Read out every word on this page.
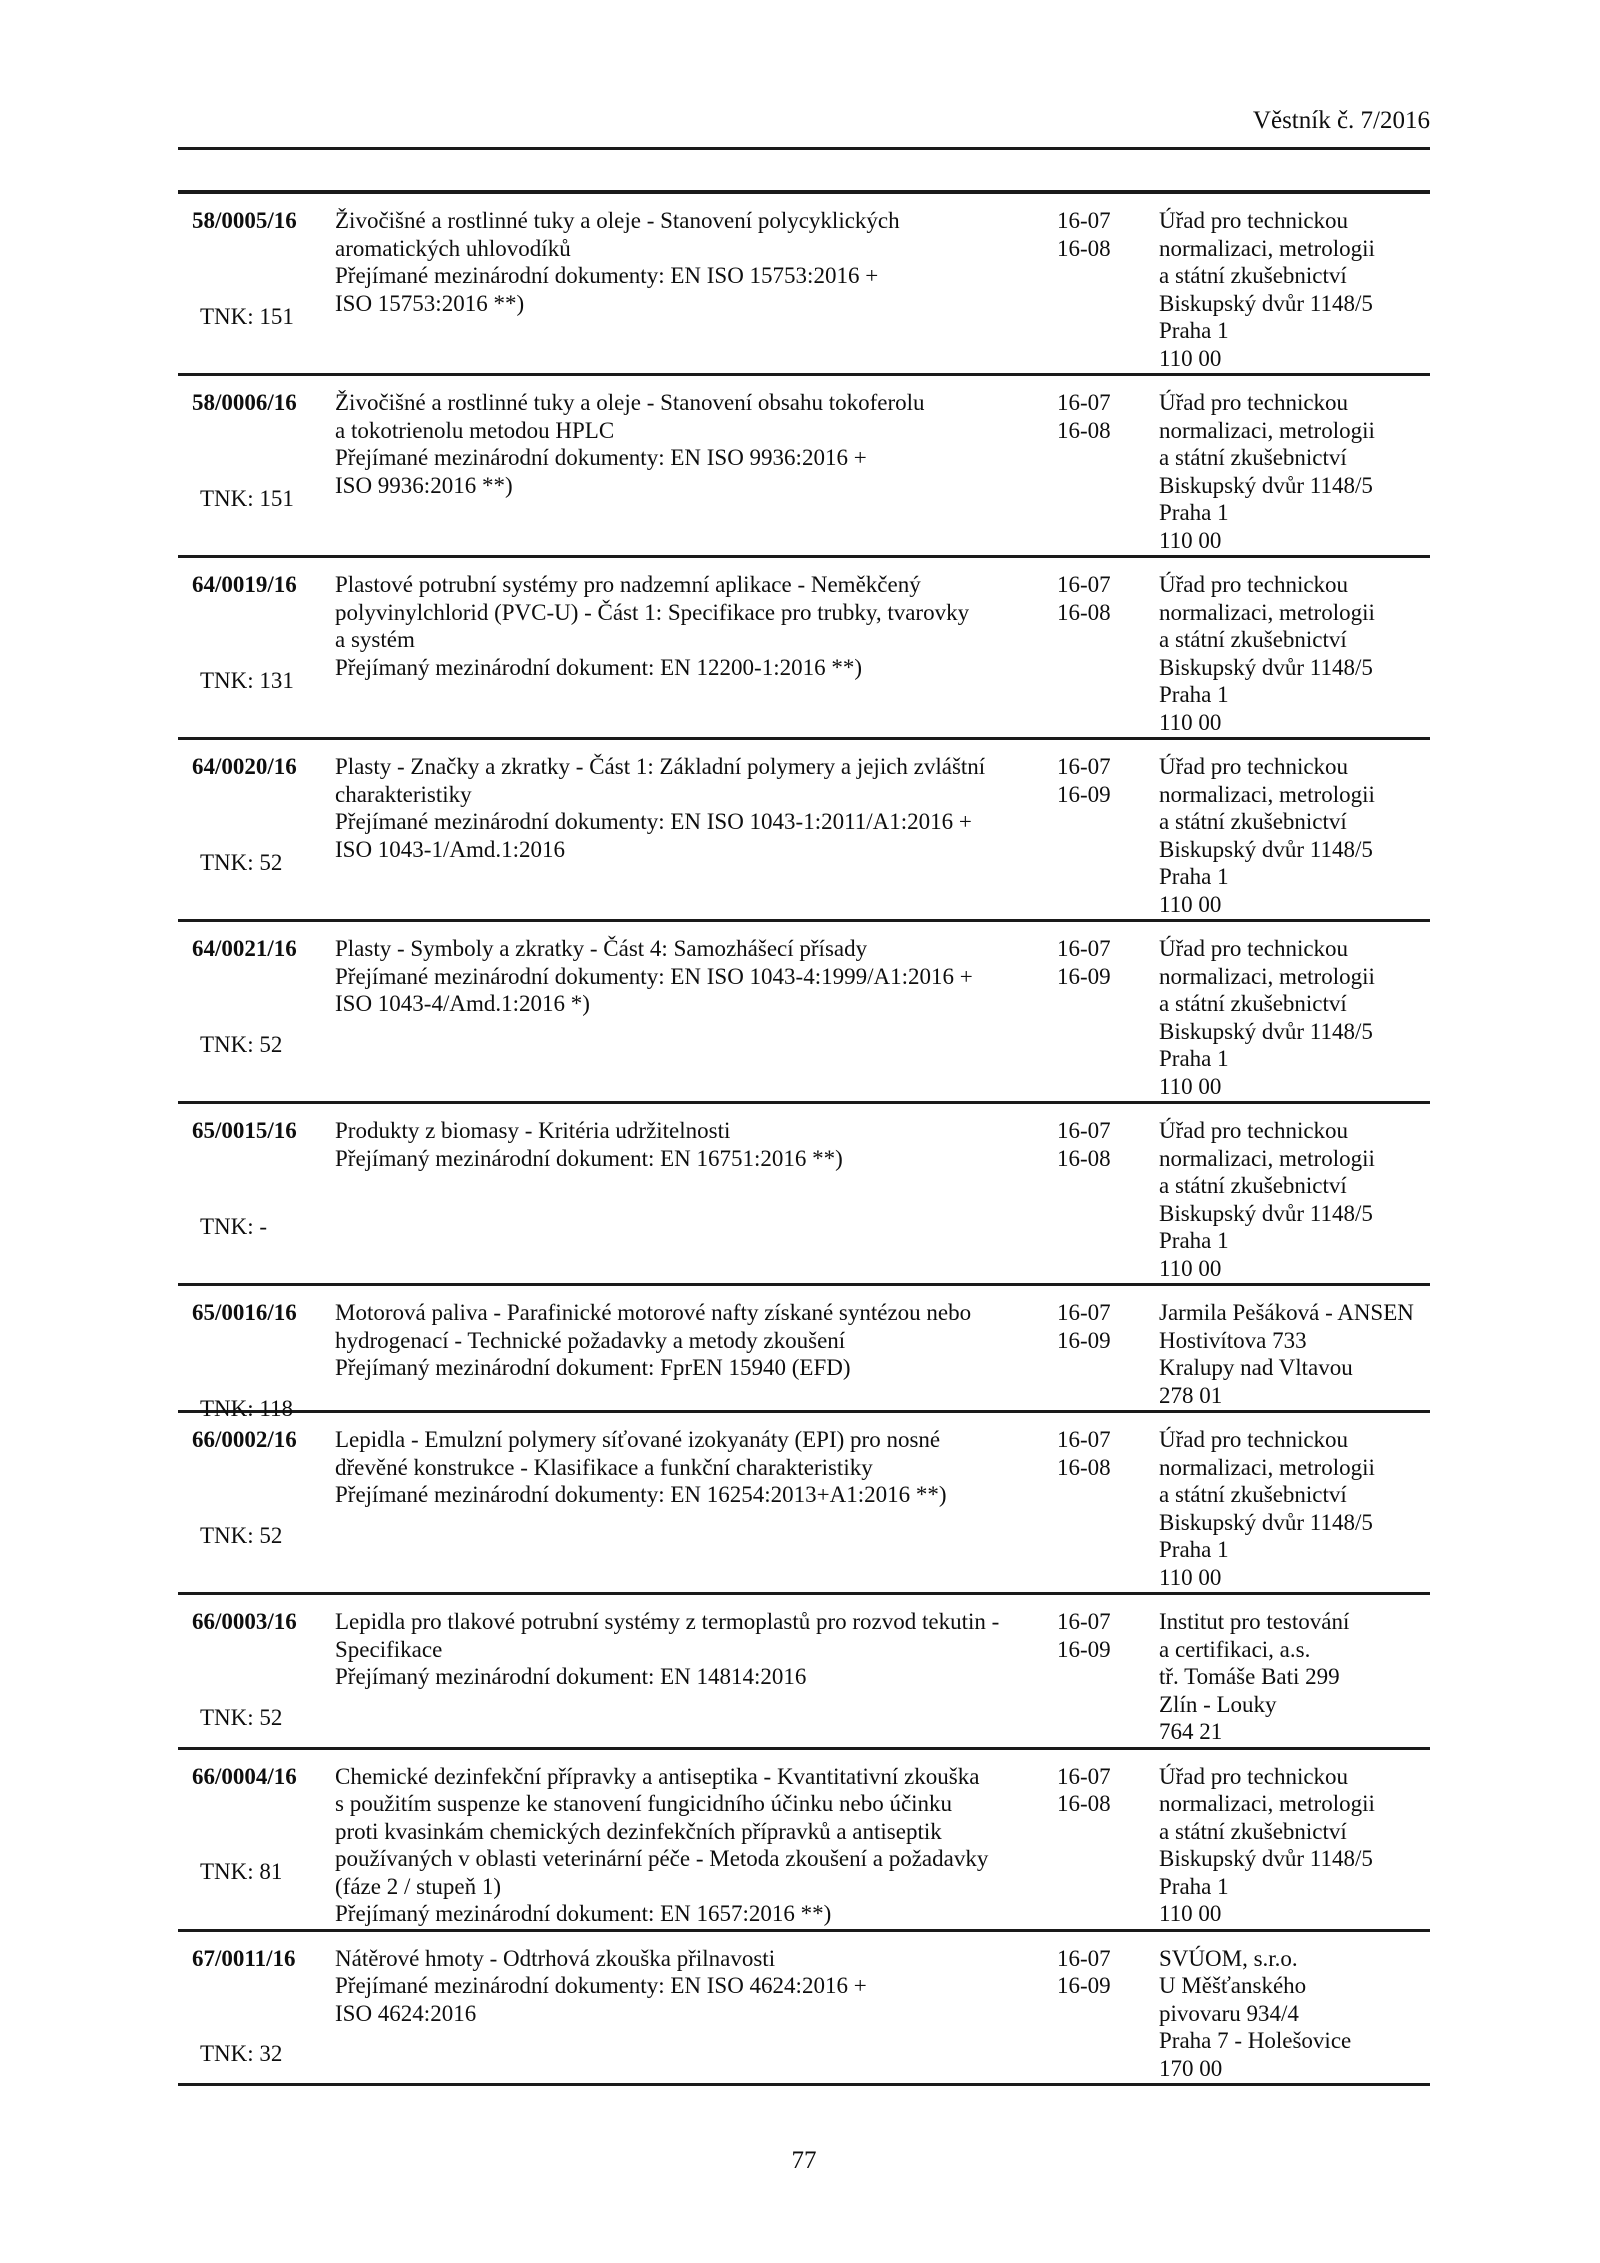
Věstník č. 7/2016
58/0005/16
TNK: 151
Živočišné a rostlinné tuky a oleje - Stanovení polycyklických
aromatických uhlovodíků
Přejímané mezinárodní dokumenty: EN ISO 15753:2016 +
ISO 15753:2016 **)
16-07
16-08
Úřad pro technickou
normalizaci, metrologii
a státní zkušebnictví
Biskupský dvůr 1148/5
Praha 1
110 00
58/0006/16
TNK: 151
Živočišné a rostlinné tuky a oleje - Stanovení obsahu tokoferolu
a tokotrienolu metodou HPLC
Přejímané mezinárodní dokumenty: EN ISO 9936:2016 +
ISO 9936:2016 **)
16-07
16-08
Úřad pro technickou
normalizaci, metrologii
a státní zkušebnictví
Biskupský dvůr 1148/5
Praha 1
110 00
64/0019/16
TNK: 131
Plastové potrubní systémy pro nadzemní aplikace - Neměkčený
polyvinylchlorid (PVC-U) - Část 1: Specifikace pro trubky, tvarovky
a systém
Přejímaný mezinárodní dokument: EN 12200-1:2016 **)
16-07
16-08
Úřad pro technickou
normalizaci, metrologii
a státní zkušebnictví
Biskupský dvůr 1148/5
Praha 1
110 00
64/0020/16
TNK: 52
Plasty - Značky a zkratky - Část 1: Základní polymery a jejich zvláštní
charakteristiky
Přejímané mezinárodní dokumenty: EN ISO 1043-1:2011/A1:2016 +
ISO 1043-1/Amd.1:2016
16-07
16-09
Úřad pro technickou
normalizaci, metrologii
a státní zkušebnictví
Biskupský dvůr 1148/5
Praha 1
110 00
64/0021/16
TNK: 52
Plasty - Symboly a zkratky - Část 4: Samozhášecí přísady
Přejímané mezinárodní dokumenty: EN ISO 1043-4:1999/A1:2016 +
ISO 1043-4/Amd.1:2016 *)
16-07
16-09
Úřad pro technickou
normalizaci, metrologii
a státní zkušebnictví
Biskupský dvůr 1148/5
Praha 1
110 00
65/0015/16
TNK: -
Produkty z biomasy - Kritéria udržitelnosti
Přejímaný mezinárodní dokument: EN 16751:2016 **)
16-07
16-08
Úřad pro technickou
normalizaci, metrologii
a státní zkušebnictví
Biskupský dvůr 1148/5
Praha 1
110 00
65/0016/16
TNK: 118
Motorová paliva - Parafinické motorové nafty získané syntézou nebo
hydrogenací - Technické požadavky a metody zkoušení
Přejímaný mezinárodní dokument: FprEN 15940 (EFD)
16-07
16-09
Jarmila Pešáková - ANSEN
Hostivítova 733
Kralupy nad Vltavou
278 01
66/0002/16
TNK: 52
Lepidla - Emulzní polymery síťované izokyanáty (EPI) pro nosné
dřevěné konstrukce - Klasifikace a funkční charakteristiky
Přejímané mezinárodní dokumenty: EN 16254:2013+A1:2016 **)
16-07
16-08
Úřad pro technickou
normalizaci, metrologii
a státní zkušebnictví
Biskupský dvůr 1148/5
Praha 1
110 00
66/0003/16
TNK: 52
Lepidla pro tlakové potrubní systémy z termoplastů pro rozvod tekutin -
Specifikace
Přejímaný mezinárodní dokument: EN 14814:2016
16-07
16-09
Institut pro testování
a certifikaci, a.s.
tř. Tomáše Bati 299
Zlín - Louky
764 21
66/0004/16
TNK: 81
Chemické dezinfekční přípravky a antiseptika - Kvantitativní zkouška
s použitím suspenze ke stanovení fungicidního účinku nebo účinku
proti kvasinkám chemických dezinfekčních přípravků a antiseptik
používaných v oblasti veterinární péče - Metoda zkoušení a požadavky
(fáze 2 / stupeň 1)
Přejímaný mezinárodní dokument: EN 1657:2016 **)
16-07
16-08
Úřad pro technickou
normalizaci, metrologii
a státní zkušebnictví
Biskupský dvůr 1148/5
Praha 1
110 00
67/0011/16
TNK: 32
Nátěrové hmoty - Odtrhová zkouška přilnavosti
Přejímané mezinárodní dokumenty: EN ISO 4624:2016 +
ISO 4624:2016
16-07
16-09
SVÚOM, s.r.o.
U Měšťanského
pivovaru 934/4
Praha 7 - Holešovice
170 00
77
